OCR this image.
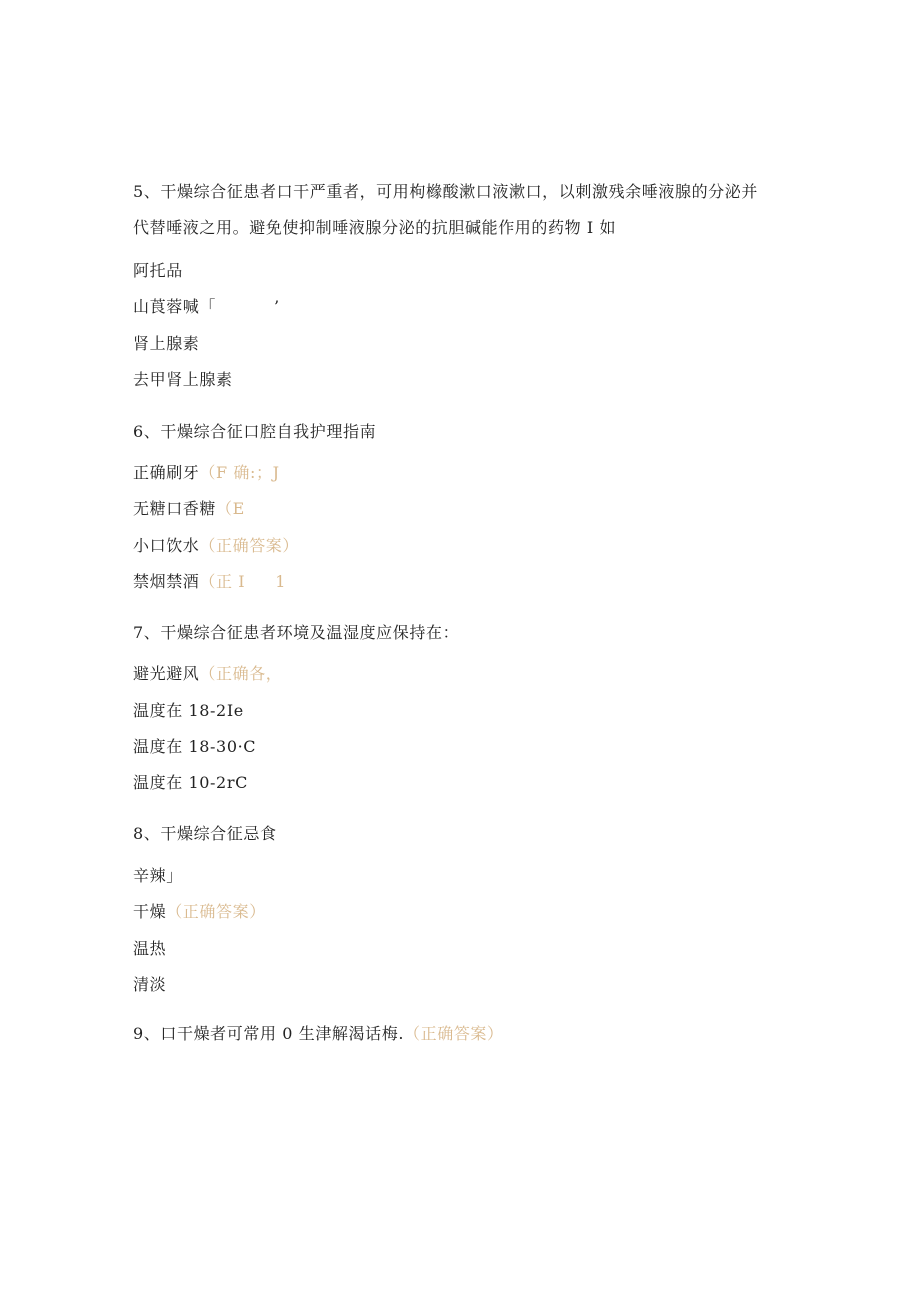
5、干燥综合征患者口干严重者，可用枸橼酸漱口液漱口，以刺激残余唾液腺的分泌并
代替唾液之用。避免使抑制唾液腺分泌的抗胆碱能作用的药物 I 如
阿托品
山莨蓉喊「	’
肾上腺素
去甲肾上腺素
6、干燥综合征口腔自我护理指南
正确刷牙（F 确:；J
无糖口香糖（E
小口饮水（正确答案）
禁烟禁酒（正 I 1
7、干燥综合征患者环境及温湿度应保持在：
避光避风（正确各，
温度在 18-2Ie
温度在 18-30·C
温度在 10-2rC
8、干燥综合征忌食
辛辣」
干燥（正确答案）
温热
清淡
9、口干燥者可常用 0 生津解渴话梅.（正确答案）
